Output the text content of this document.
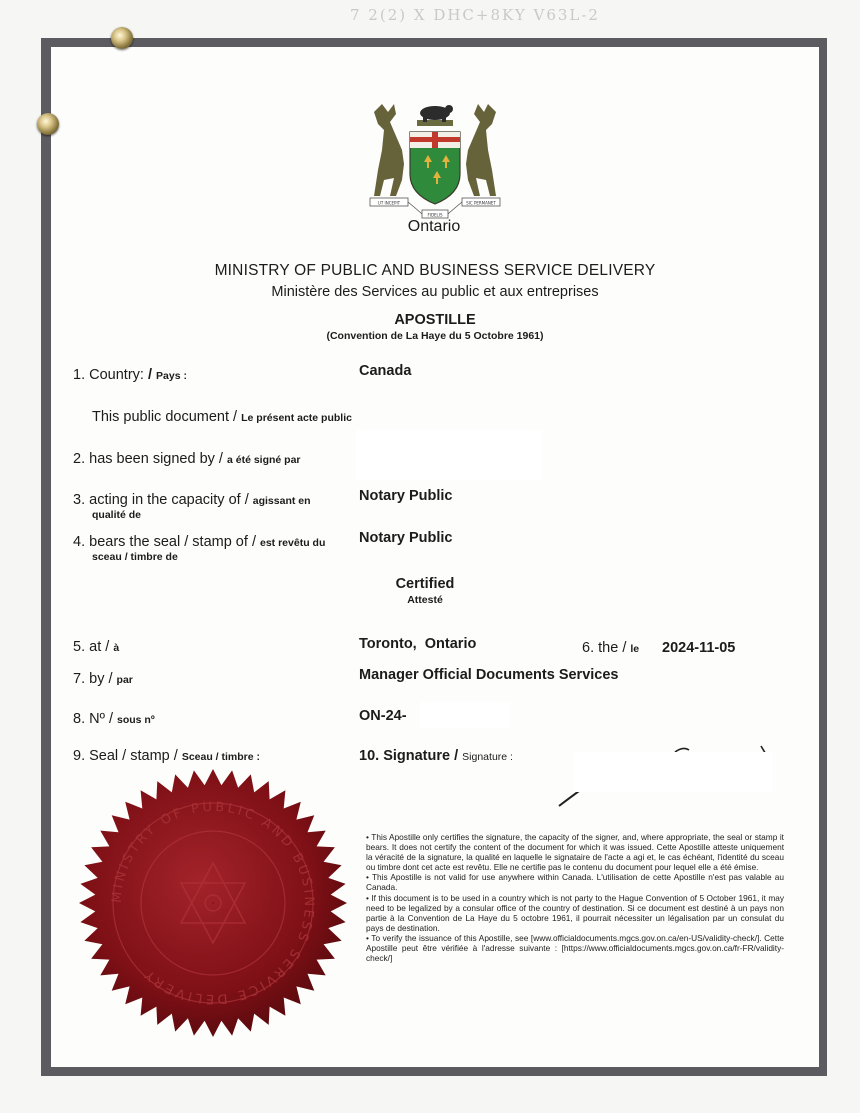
7 2(2) X DHC+8KY V63L-2
UT INCEPIT
FIDELIS
SIC PERMANET
Ontario
MINISTRY OF PUBLIC AND BUSINESS SERVICE DELIVERY
Ministère des Services au public et aux entreprises
APOSTILLE
(Convention de La Haye du 5 Octobre 1961)
1. Country: / Pays :	Canada
This public document / Le présent acte public
2. has been signed by / a été signé par
3. acting in the capacity of / agissant en
qualité de
Notary Public
4. bears the seal / stamp of / est revêtu du
sceau / timbre de
Notary Public
Certified
Attesté
5. at / à	Toronto,  Ontario	6. the / le 2024-11-05
7. by / par	Manager Official Documents Services
8. Nº / sous nº	ON-24-
9. Seal / stamp / Sceau / timbre :	10. Signature / Signature :

• This Apostille only certifies the signature, the capacity of the signer, and, where appropriate, the seal or stamp it bears. It does not certify the content of the document for which it was issued. Cette Apostille atteste uniquement la véracité de la signature, la qualité en laquelle le signataire de l'acte a agi et, le cas échéant, l'identité du sceau ou timbre dont cet acte est revêtu. Elle ne certifie pas le contenu du document pour lequel elle a été émise.

• This Apostille is not valid for use anywhere within Canada. L'utilisation de cette Apostille n'est pas valable au Canada.

• If this document is to be used in a country which is not party to the Hague Convention of 5 October 1961, it may need to be legalized by a consular office of the country of destination. Si ce document est destiné à un pays non partie à la Convention de La Haye du 5 octobre 1961, il pourrait nécessiter un légalisation par un consulat du pays de destination.

• To verify the issuance of this Apostille, see [www.officialdocuments.mgcs.gov.on.ca/en-US/validity-check/]. Cette Apostille peut être vérifiée à l'adresse suivante : [https://www.officialdocuments.mgcs.gov.on.ca/fr-FR/validity-check/]

MINISTRY OF PUBLIC AND BUSINESS SERVICE DELIVERY
